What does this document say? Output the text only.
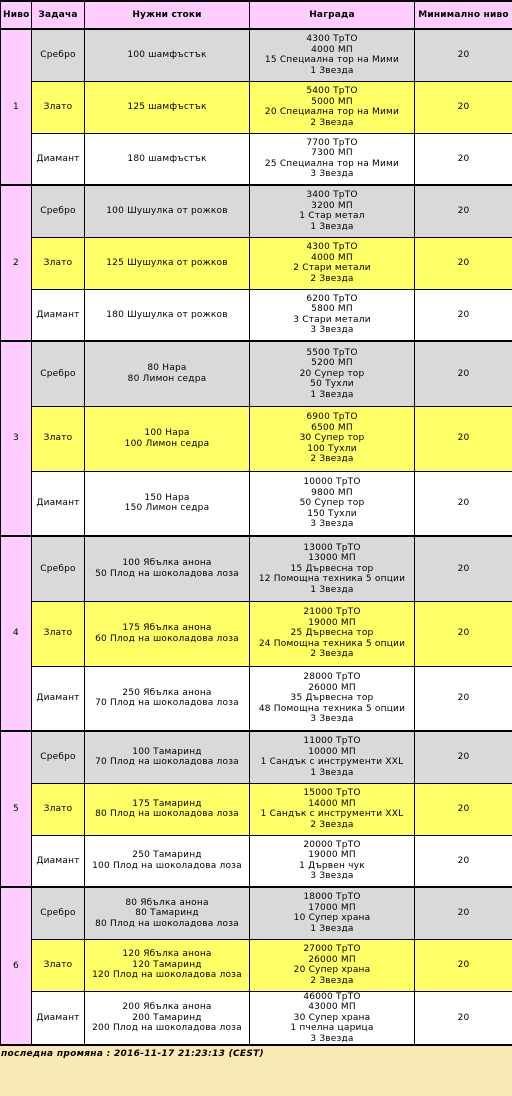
Ниво	Задача	Нужни стоки	Награда	Минимално ниво
1	Сребро	100 шамфъстък	4300 ТрТО
4000 МП
15 Специална тор на Мими
1 Звезда	20
	Злато	125 шамфъстък	5400 ТрТО
5000 МП
20 Специална тор на Мими
2 Звезда	20
	Диамант	180 шамфъстък	7700 ТрТО
7300 МП
25 Специална тор на Мими
3 Звезда	20
2	Сребро	100 Шушулка от рожков	3400 ТрТО
3200 МП
1 Стар метал
1 Звезда	20
	Злато	125 Шушулка от рожков	4300 ТрТО
4000 МП
2 Стари метали
2 Звезда	20
	Диамант	180 Шушулка от рожков	6200 ТрТО
5800 МП
3 Стари метали
3 Звезда	20
3	Сребро	80 Нара
80 Лимон седра	5500 ТрТО
5200 МП
20 Супер тор
50 Тухли
1 Звезда	20
	Злато	100 Нара
100 Лимон седра	6900 ТрТО
6500 МП
30 Супер тор
100 Тухли
2 Звезда	20
	Диамант	150 Нара
150 Лимон седра	10000 ТрТО
9800 МП
50 Супер тор
150 Тухли
3 Звезда	20
4	Сребро	100 Ябълка анона
50 Плод на шоколадова лоза	13000 ТрТО
13000 МП
15 Дървесна тор
12 Помощна техника 5 опции
1 Звезда	20
	Злато	175 Ябълка анона
60 Плод на шоколадова лоза	21000 ТрТО
19000 МП
25 Дървесна тор
24 Помощна техника 5 опции
2 Звезда	20
	Диамант	250 Ябълка анона
70 Плод на шоколадова лоза	28000 ТрТО
26000 МП
35 Дървесна тор
48 Помощна техника 5 опции
3 Звезда	20
5	Сребро	100 Тамаринд
70 Плод на шоколадова лоза	11000 ТрТО
10000 МП
1 Сандък с инструменти XXL
1 Звезда	20
	Злато	175 Тамаринд
80 Плод на шоколадова лоза	15000 ТрТО
14000 МП
1 Сандък с инструменти XXL
2 Звезда	20
	Диамант	250 Тамаринд
100 Плод на шоколадова лоза	20000 ТрТО
19000 МП
1 Дървен чук
3 Звезда	20
6	Сребро	80 Ябълка анона
80 Тамаринд
80 Плод на шоколадова лоза	18000 ТрТО
17000 МП
10 Супер храна
1 Звезда	20
	Злато	120 Ябълка анона
120 Тамаринд
120 Плод на шоколадова лоза	27000 ТрТО
26000 МП
20 Супер храна
2 Звезда	20
	Диамант	200 Ябълка анона
200 Тамаринд
200 Плод на шоколадова лоза	46000 ТрТО
43000 МП
30 Супер храна
1 пчелна царица
3 Звезда	20
последна промяна : 2016-11-17 21:23:13 (CEST)
